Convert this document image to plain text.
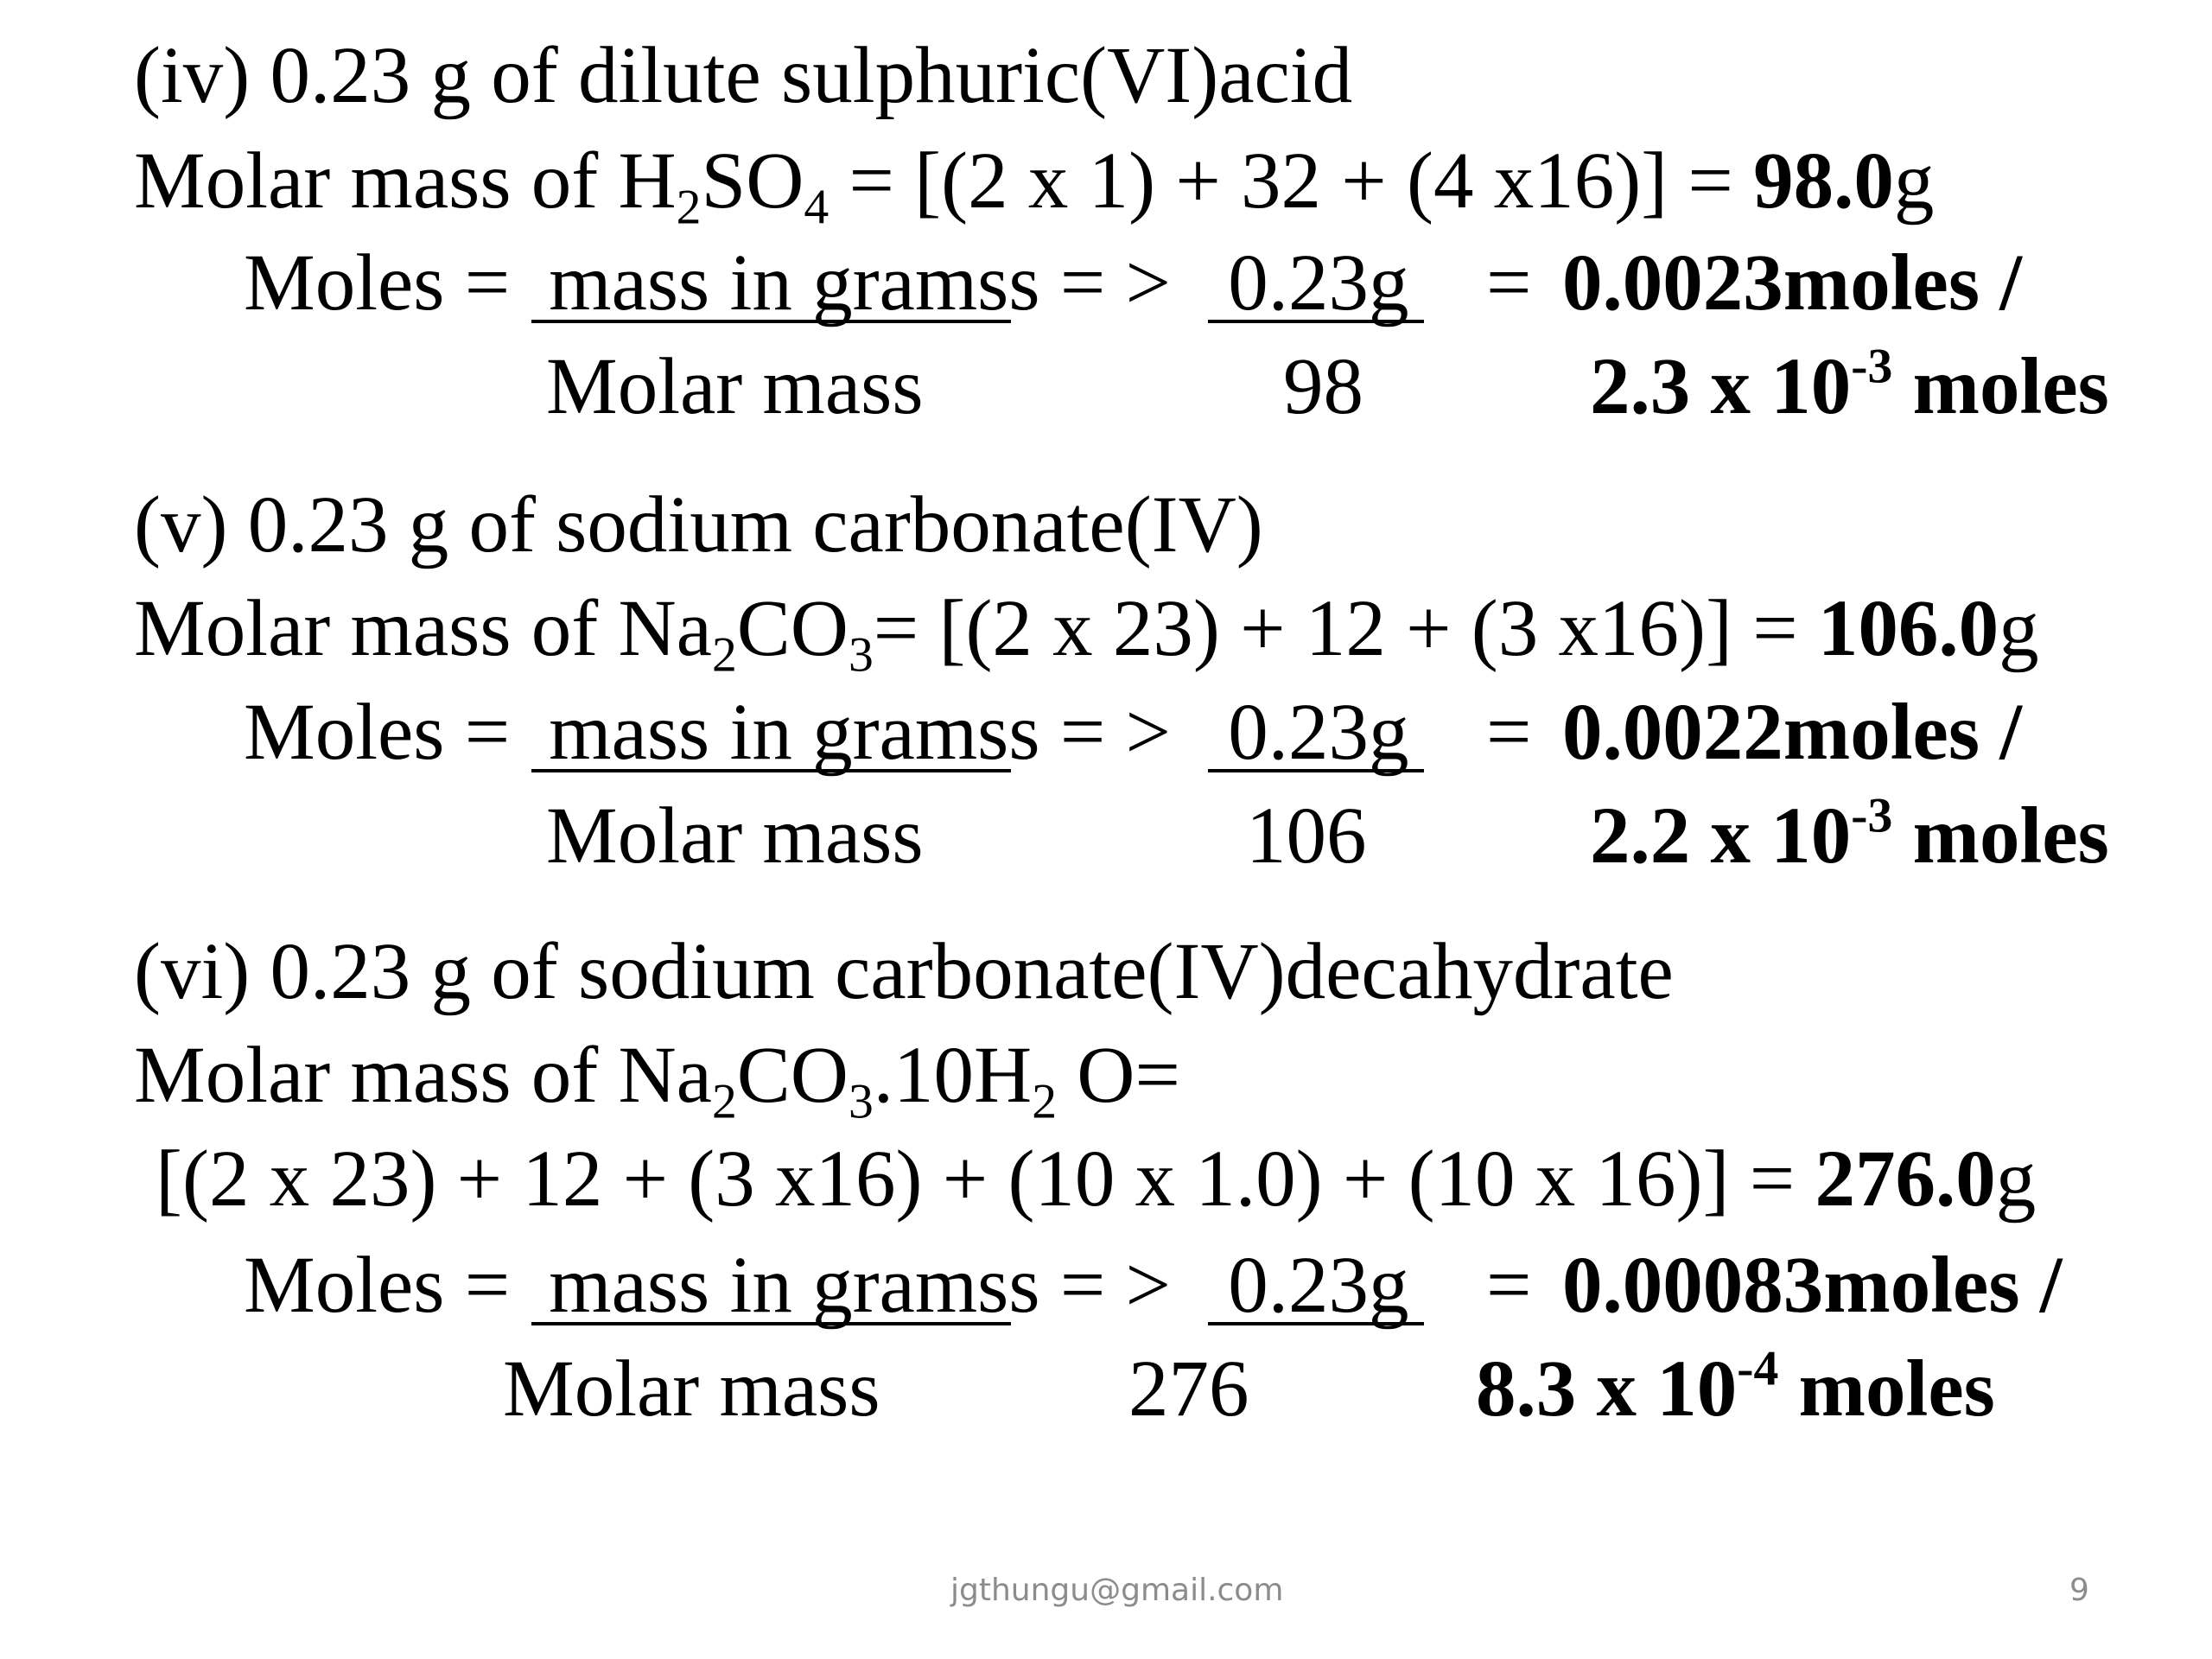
(iv) 0.23 g of dilute sulphuric(VI)acid
Molar mass of $H_2SO_4 = [(2$ x 1) + 32 + (4 x16)] = 98.0g
Moles = mass in gramss = > 0.23g = 0.0023moles /
Molar mass	98	2.3 x $10^{-3}$ moles
(v) 0.23 g of sodium carbonate(IV)
Molar mass of $Na_2CO_3= [(2$ x 23) + 12 + (3 x16)] = 106.0g
Moles = mass in gramss = > 0.23g = 0.0022moles /
Molar mass	106	2.2 x $10^{-3}$ moles
(vi) 0.23 g of sodium carbonate(IV)decahydrate
Molar mass of $Na_2CO_3.10H_2$ O=
[(2 x 23) + 12 + (3 x16) + (10 x 1.0) + (10 x 16)] = 276.0g
Moles = mass in gramss = > 0.23g = 0.00083moles /
Molar mass	276	8.3 x $10^{-4}$ moles
jgthungu@gmail.com	9
